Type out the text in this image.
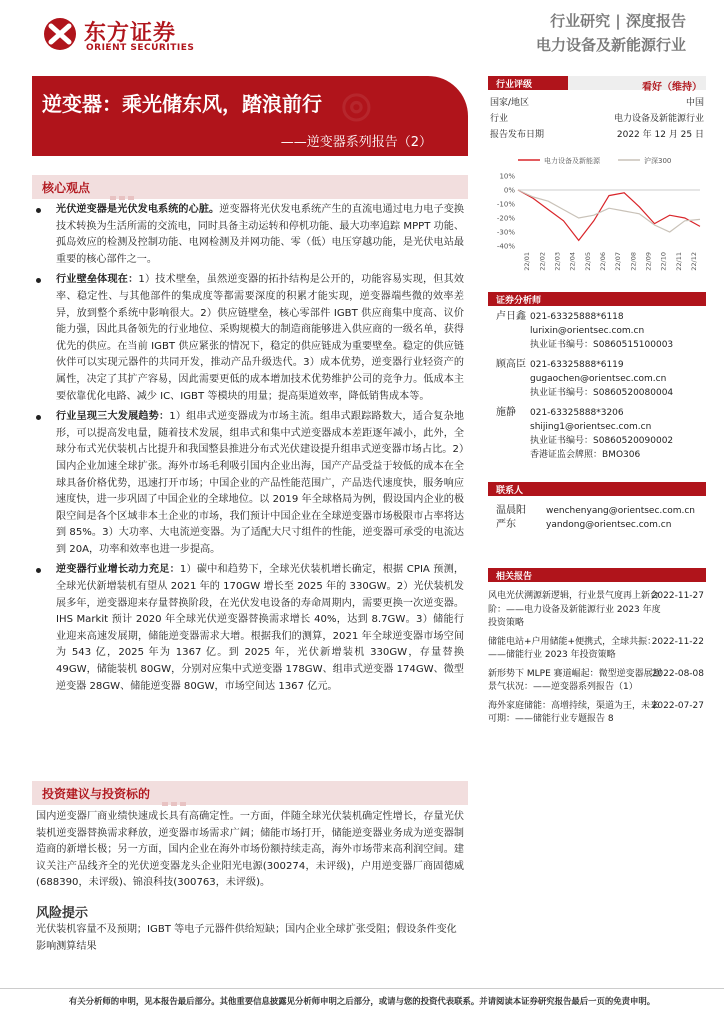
东方证券
ORIENT SECURITIES
行业研究 | 深度报告
电力设备及新能源行业
⌾
逆变器：乘光储东风，踏浪前行
——逆变器系列报告（2）
核心观点
光伏逆变器是光伏发电系统的心脏。逆变器将光伏发电系统产生的直流电通过电力电子变换技术转换为生活所需的交流电，同时具备主动运转和停机功能、最大功率追踪 MPPT 功能、孤岛效应的检测及控制功能、电网检测及并网功能、零（低）电压穿越功能，是光伏电站最重要的核心部件之一。
行业壁垒体现在：1）技术壁垒，虽然逆变器的拓扑结构是公开的，功能容易实现，但其效率、稳定性、与其他部件的集成度等都需要深度的积累才能实现，逆变器端些微的效率差异，放到整个系统中影响很大。2）供应链壁垒，核心零部件 IGBT 供应商集中度高、议价能力强，因此具备领先的行业地位、采购规模大的制造商能够进入供应商的一级名单，获得优先的供应。在当前 IGBT 供应紧张的情况下，稳定的供应链成为重要壁垒。稳定的供应链伙伴可以实现元器件的共同开发，推动产品升级迭代。3）成本优势，逆变器行业轻资产的属性，决定了其扩产容易，因此需要更低的成本增加技术优势维护公司的竞争力。低成本主要依靠优化电路、减少 IC、IGBT 等模块的用量；提高渠道效率，降低销售成本等。
行业呈现三大发展趋势：1）组串式逆变器成为市场主流。组串式跟踪路数大，适合复杂地形，可以提高发电量，随着技术发展，组串式和集中式逆变器成本差距逐年减小，此外，全球分布式光伏装机占比提升和我国整县推进分布式光伏建设提升组串式逆变器市场占比。2）国内企业加速全球扩张。海外市场毛利吸引国内企业出海，国产产品受益于较低的成本在全球具备价格优势，迅速打开市场；中国企业的产品性能范围广，产品迭代速度快，服务响应速度快，进一步巩固了中国企业的全球地位。以 2019 年全球格局为例，假设国内企业的极限空间是各个区域非本土企业的市场，我们预计中国企业在全球逆变器市场极限市占率将达到 85%。3）大功率、大电流逆变器。为了适配大尺寸组件的性能，逆变器可承受的电流达到 20A，功率和效率也进一步提高。
逆变器行业增长动力充足：1）碳中和趋势下，全球光伏装机增长确定，根据 CPIA 预测，全球光伏新增装机有望从 2021 年的 170GW 增长至 2025 年的 330GW。2）光伏装机发展多年，逆变器迎来存量替换阶段，在光伏发电设备的寿命周期内，需要更换一次逆变器。IHS Markit 预计 2020 年全球光伏逆变器替换需求增长 40%，达到 8.7GW。3）储能行业迎来高速发展期，储能逆变器需求大增。根据我们的测算，2021 年全球逆变器市场空间为 543 亿，2025 年为 1367 亿。到 2025 年，光伏新增装机 330GW，存量替换 49GW，储能装机 80GW，分别对应集中式逆变器 178GW、组串式逆变器 174GW、微型逆变器 28GW、储能逆变器 80GW，市场空间达 1367 亿元。
投资建议与投资标的
国内逆变器厂商业绩快速成长具有高确定性。一方面，伴随全球光伏装机确定性增长，存量光伏装机逆变器替换需求释放，逆变器市场需求广阔；储能市场打开，储能逆变器业务成为逆变器制造商的新增长极；另一方面，国内企业在海外市场份额持续走高，海外市场带来高利润空间。建议关注产品线齐全的光伏逆变器龙头企业阳光电源(300274，未评级)，户用逆变器厂商固德威(688390，未评级)、锦浪科技(300763，未评级)。
风险提示
光伏装机容量不及预期；IGBT 等电子元器件供给短缺；国内企业全球扩张受阻；假设条件变化影响测算结果
行业评级	看好（维持）
国家/地区	中国
行业	电力设备及新能源行业
报告发布日期	2022 年 12 月 25 日
电力设备及新能源	沪深300
10%
0%
-10%
-20%
-30%
-40%
22/01 22/02 22/03 22/04 22/05 22/06 22/07 22/08 22/09 22/10 22/11 22/12
证券分析师
卢日鑫 021-63325888*6118
lurixin@orientsec.com.cn
执业证书编号：S0860515100003
顾高臣 021-63325888*6119
gugaochen@orientsec.com.cn
执业证书编号：S0860520080004
施静 021-63325888*3206
shijing1@orientsec.com.cn
执业证书编号：S0860520090002
香港证监会牌照：BMO306
联系人
温晨阳 wenchenyang@orientsec.com.cn
严东	yandong@orientsec.com.cn
相关报告
风电光伏溯源新逻辑，行业景气度再上新台阶：——电力设备及新能源行业 2023 年度投资策略
2022-11-27
储能电站+户用储能+便携式，全球共振：——储能行业 2023 年投资策略
2022-11-22
新形势下 MLPE 赛道崛起：微型逆变器展望景气状况：——逆变器系列报告（1）
2022-08-08
海外家庭储能：高增持续，渠道为王，未来可期：——储能行业专题报告 8
2022-07-27
有关分析师的申明，见本报告最后部分。其他重要信息披露见分析师申明之后部分，或请与您的投资代表联系。并请阅读本证券研究报告最后一页的免责申明。
